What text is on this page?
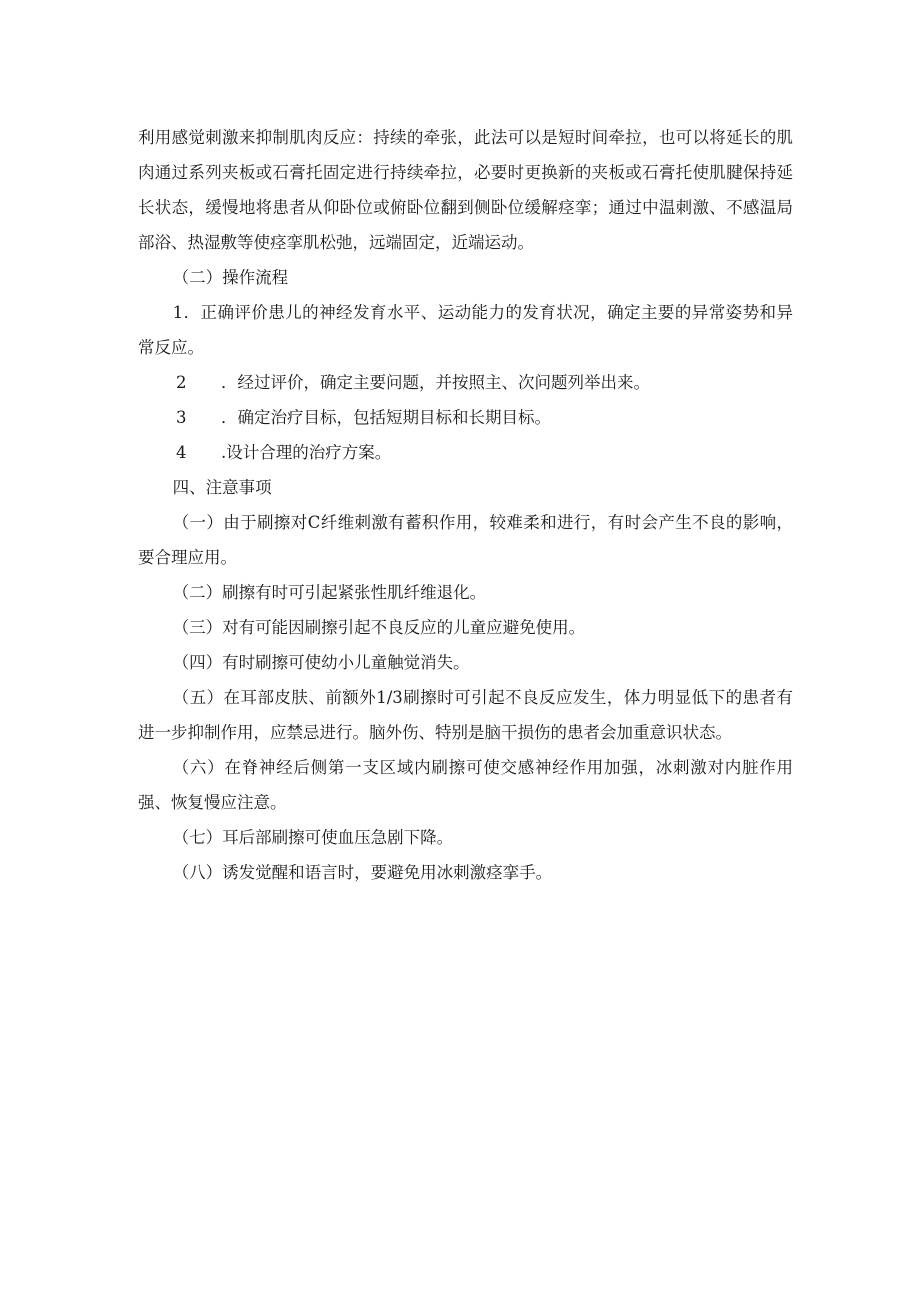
利用感觉刺激来抑制肌肉反应：持续的牵张，此法可以是短时间牵拉，也可以将延长的肌肉通过系列夹板或石膏托固定进行持续牵拉，必要时更换新的夹板或石膏托使肌腱保持延长状态，缓慢地将患者从仰卧位或俯卧位翻到侧卧位缓解痉挛；通过中温刺激、不感温局部浴、热湿敷等使痉挛肌松弛，远端固定，近端运动。

（二）操作流程

1．正确评价患儿的神经发育水平、运动能力的发育状况，确定主要的异常姿势和异常反应。

2	．经过评价，确定主要问题，并按照主、次问题列举出来。

3	．确定治疗目标，包括短期目标和长期目标。

4	.设计合理的治疗方案。

四、注意事项

（一）由于刷擦对C纤维刺激有蓄积作用，较难柔和进行，有时会产生不良的影响，要合理应用。

（二）刷擦有时可引起紧张性肌纤维退化。

（三）对有可能因刷擦引起不良反应的儿童应避免使用。

（四）有时刷擦可使幼小儿童触觉消失。

（五）在耳部皮肤、前额外1/3刷擦时可引起不良反应发生，体力明显低下的患者有进一步抑制作用，应禁忌进行。脑外伤、特别是脑干损伤的患者会加重意识状态。

（六）在脊神经后侧第一支区域内刷擦可使交感神经作用加强，冰刺激对内脏作用强、恢复慢应注意。

（七）耳后部刷擦可使血压急剧下降。

（八）诱发觉醒和语言时，要避免用冰刺激痉挛手。
